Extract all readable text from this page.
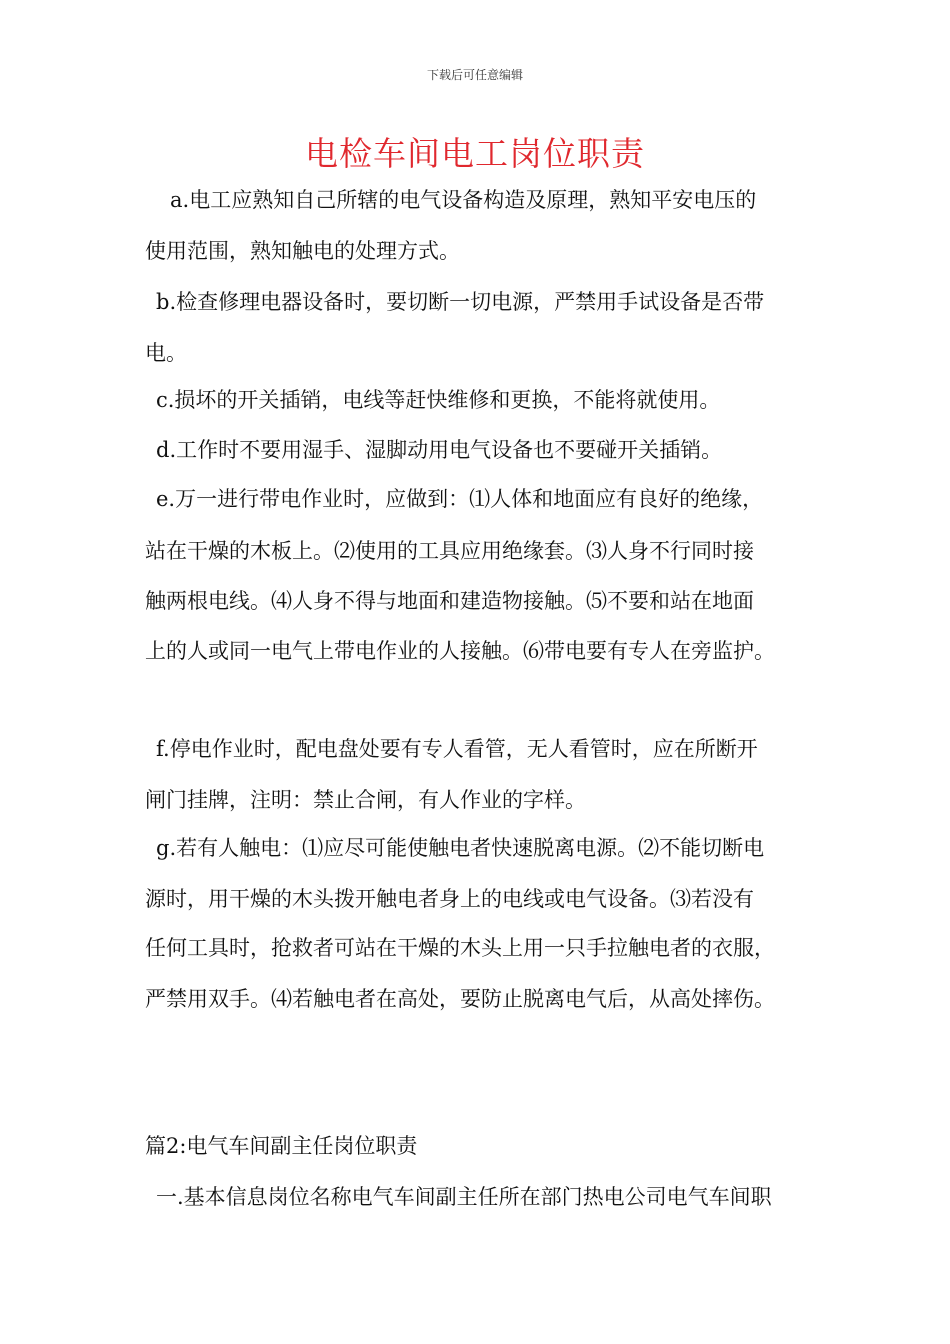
下载后可任意编辑
电检车间电工岗位职责
a.电工应熟知自己所辖的电气设备构造及原理，熟知平安电压的
使用范围，熟知触电的处理方式。
b.检查修理电器设备时，要切断一切电源，严禁用手试设备是否带
电。
c.损坏的开关插销，电线等赶快维修和更换，不能将就使用。
d.工作时不要用湿手、湿脚动用电气设备也不要碰开关插销。
e.万一进行带电作业时，应做到：⑴人体和地面应有良好的绝缘，
站在干燥的木板上。⑵使用的工具应用绝缘套。⑶人身不行同时接
触两根电线。⑷人身不得与地面和建造物接触。⑸不要和站在地面
上的人或同一电气上带电作业的人接触。⑹带电要有专人在旁监护。
f.停电作业时，配电盘处要有专人看管，无人看管时，应在所断开
闸门挂牌，注明：禁止合闸，有人作业的字样。
g.若有人触电：⑴应尽可能使触电者快速脱离电源。⑵不能切断电
源时，用干燥的木头拨开触电者身上的电线或电气设备。⑶若没有
任何工具时，抢救者可站在干燥的木头上用一只手拉触电者的衣服，
严禁用双手。⑷若触电者在高处，要防止脱离电气后，从高处摔伤。
篇2:电气车间副主任岗位职责
一.基本信息岗位名称电气车间副主任所在部门热电公司电气车间职
